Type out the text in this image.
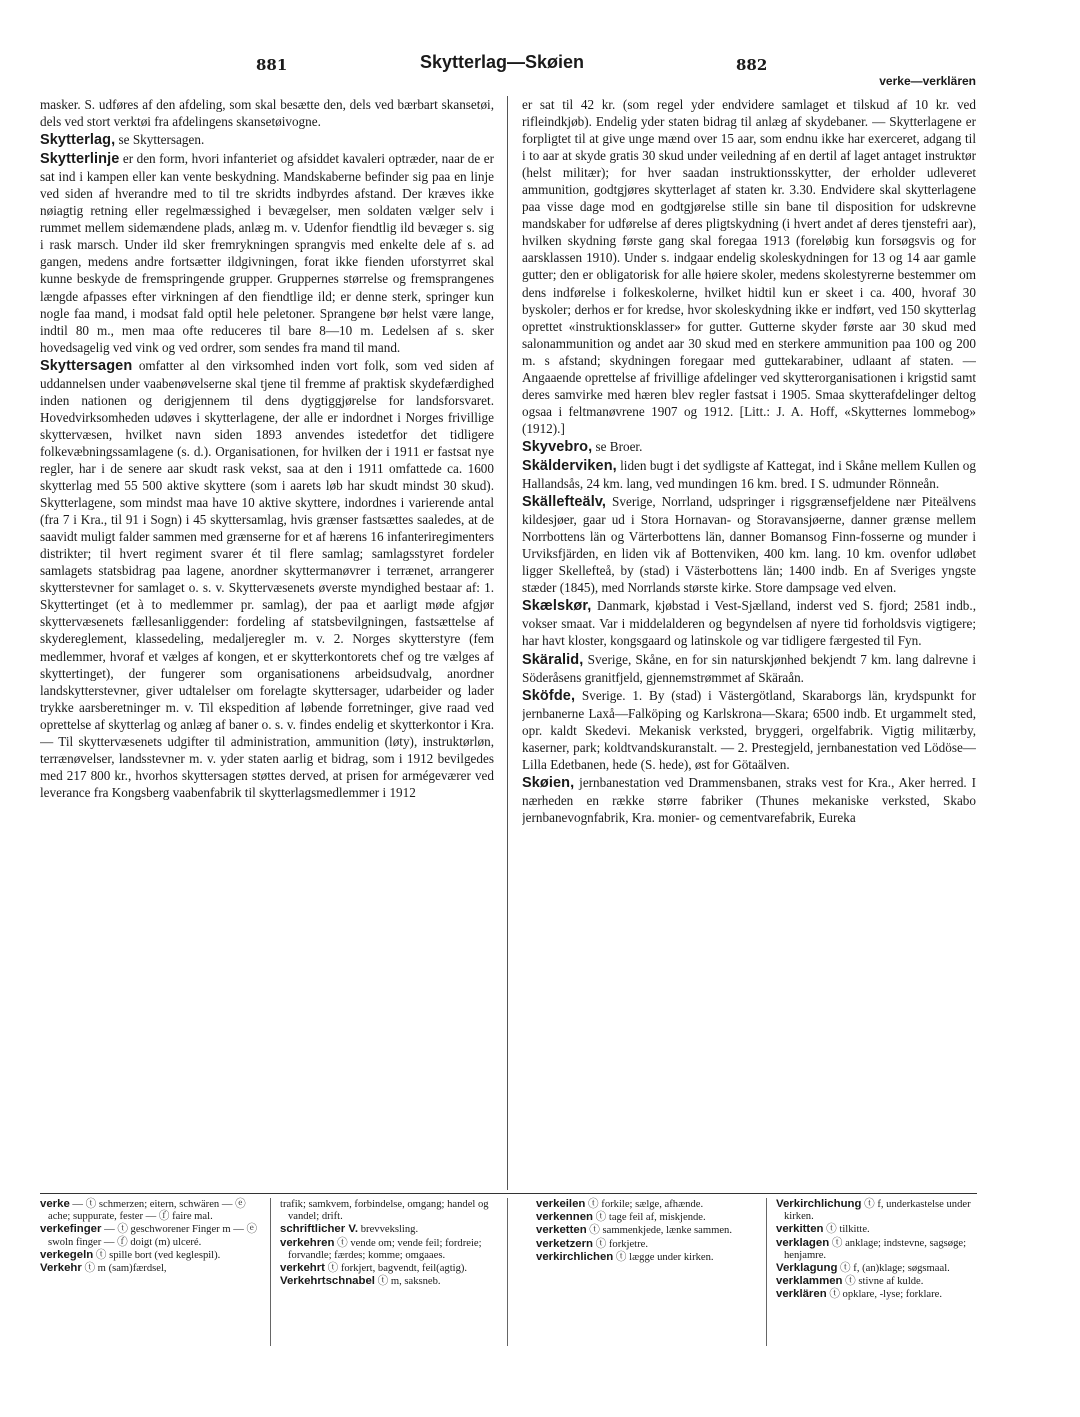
881	Skytterlag—Skøien	882
verke—verklären

masker. S. udføres af den afdeling, som skal besætte den, dels ved bærbart skansetøi, dels ved stort verktøi fra afdelingens skansetøivogne.

Skytterlag, se Skyttersagen.

Skytterlinje er den form, hvori infanteriet og afsiddet kavaleri optræder, naar de er sat ind i kampen eller kan vente beskydning. Mandskaberne befinder sig paa en linje ved siden af hverandre med to til tre skridts indbyrdes afstand. Der kræves ikke nøiagtig retning eller regelmæssighed i bevægelser, men soldaten vælger selv i rummet mellem sidemændene plads, anlæg m. v. Udenfor fiendtlig ild bevæger s. sig i rask marsch. Under ild sker fremrykningen sprangvis med enkelte dele af s. ad gangen, medens andre fortsætter ildgivningen, forat ikke fienden uforstyrret skal kunne beskyde de fremspringende grupper. Gruppernes størrelse og fremsprangenes længde afpasses efter virkningen af den fiendtlige ild; er denne sterk, springer kun nogle faa mand, i modsat fald optil hele peletoner. Sprangene bør helst være lange, indtil 80 m., men maa ofte reduceres til bare 8—10 m. Ledelsen af s. sker hovedsagelig ved vink og ved ordrer, som sendes fra mand til mand.

Skyttersagen omfatter al den virksomhed inden vort folk, som ved siden af uddannelsen under vaabenøvelserne skal tjene til fremme af praktisk skydefærdighed inden nationen og derigjennem til dens dygtiggjørelse for landsforsvaret. Hovedvirksomheden udøves i skytterlagene, der alle er indordnet i Norges frivillige skyttervæsen, hvilket navn siden 1893 anvendes istedetfor det tidligere folkevæbningssamlagene (s. d.). Organisationen, for hvilken der i 1911 er fastsat nye regler, har i de senere aar skudt rask vekst, saa at den i 1911 omfattede ca. 1600 skytterlag med 55 500 aktive skyttere (som i aarets løb har skudt mindst 30 skud). Skytterlagene, som mindst maa have 10 aktive skyttere, indordnes i varierende antal (fra 7 i Kra., til 91 i Sogn) i 45 skyttersamlag, hvis grænser fastsættes saaledes, at de saavidt muligt falder sammen med grænserne for et af hærens 16 infanteriregimenters distrikter; til hvert regiment svarer ét til flere samlag; samlagsstyret fordeler samlagets statsbidrag paa lagene, anordner skyttermanøvrer i terrænet, arrangerer skytterstevner for samlaget o. s. v. Skyttervæsenets øverste myndighed bestaar af: 1. Skyttertinget (et à to medlemmer pr. samlag), der paa et aarligt møde afgjør skyttervæsenets fællesanliggender: fordeling af statsbevilgningen, fastsættelse af skydereglement, klassedeling, medaljeregler m. v. 2. Norges skytterstyre (fem medlemmer, hvoraf et vælges af kongen, et er skytterkontorets chef og tre vælges af skyttertinget), der fungerer som organisationens arbeidsudvalg, anordner landskytterstevner, giver udtalelser om forelagte skyttersager, udarbeider og lader trykke aarsberetninger m. v. Til ekspedition af løbende forretninger, give raad ved oprettelse af skytterlag og anlæg af baner o. s. v. findes endelig et skytterkontor i Kra. — Til skyttervæsenets udgifter til administration, ammunition (løty), instruktørløn, terrænøvelser, landsstevner m. v. yder staten aarlig et bidrag, som i 1912 bevilgedes med 217 800 kr., hvorhos skyttersagen støttes derved, at prisen for armégeværer ved leverance fra Kongsberg vaabenfabrik til skytterlagsmedlemmer i 1912

er sat til 42 kr. (som regel yder endvidere samlaget et tilskud af 10 kr. ved rifleindkjøb). Endelig yder staten bidrag til anlæg af skydebaner. — Skytterlagene er forpligtet til at give unge mænd over 15 aar, som endnu ikke har exerceret, adgang til i to aar at skyde gratis 30 skud under veiledning af en dertil af laget antaget instruktør (helst militær); for hver saadan instruktionsskytter, der erholder udleveret ammunition, godtgjøres skytterlaget af staten kr. 3.30. Endvidere skal skytterlagene paa visse dage mod en godtgjørelse stille sin bane til disposition for udskrevne mandskaber for udførelse af deres pligtskydning (i hvert andet af deres tjenstefri aar), hvilken skydning første gang skal foregaa 1913 (foreløbig kun forsøgsvis og for aarsklassen 1910). Under s. indgaar endelig skoleskydningen for 13 og 14 aar gamle gutter; den er obligatorisk for alle høiere skoler, medens skolestyrerne bestemmer om dens indførelse i folkeskolerne, hvilket hidtil kun er skeet i ca. 400, hvoraf 30 byskoler; derhos er for kredse, hvor skoleskydning ikke er indført, ved 150 skytterlag oprettet «instruktionsklasser» for gutter. Gutterne skyder første aar 30 skud med salonammunition og andet aar 30 skud med en sterkere ammunition paa 100 og 200 m. s afstand; skydningen foregaar med guttekarabiner, udlaant af staten. — Angaaende oprettelse af frivillige afdelinger ved skytterorganisationen i krigstid samt deres samvirke med hæren blev regler fastsat i 1905. Smaa skytterafdelinger deltog ogsaa i feltmanøvrene 1907 og 1912. [Litt.: J. A. Hoff, «Skytternes lommebog» (1912).]

Skyvebro, se Broer.

Skälderviken, liden bugt i det sydligste af Kattegat, ind i Skåne mellem Kullen og Hallandsås, 24 km. lang, ved mundingen 16 km. bred. I S. udmunder Rönneån.

Skällefteälv, Sverige, Norrland, udspringer i rigsgrænsefjeldene nær Piteälvens kildesjøer, gaar ud i Stora Hornavan- og Storavansjøerne, danner grænse mellem Norrbottens län og Värterbottens län, danner Bomansog Finn-fosserne og munder i Urviksfjärden, en liden vik af Bottenviken, 400 km. lang. 10 km. ovenfor udløbet ligger Skellefteå, by (stad) i Västerbottens län; 1400 indb. En af Sveriges yngste stæder (1845), med Norrlands største kirke. Store dampsage ved elven.

Skælskør, Danmark, kjøbstad i Vest-Sjælland, inderst ved S. fjord; 2581 indb., vokser smaat. Var i middelalderen og begyndelsen af nyere tid forholdsvis vigtigere; har havt kloster, kongsgaard og latinskole og var tidligere færgested til Fyn.

Skäralid, Sverige, Skåne, en for sin naturskjønhed bekjendt 7 km. lang dalrevne i Söderåsens granitfjeld, gjennemstrømmet af Skäraån.

Sköfde, Sverige. 1. By (stad) i Västergötland, Skaraborgs län, krydspunkt for jernbanerne Laxå—Falköping og Karlskrona—Skara; 6500 indb. Et urgammelt sted, opr. kaldt Skedevi. Mekanisk verksted, bryggeri, orgelfabrik. Vigtig militærby, kaserner, park; koldtvandskuranstalt. — 2. Prestegjeld, jernbanestation ved Lödöse—Lilla Edetbanen, hede (S. hede), øst for Götaälven.

Skøien, jernbanestation ved Drammensbanen, straks vest for Kra., Aker herred. I nærheden en række større fabriker (Thunes mekaniske verksted, Skabo jernbanevognfabrik, Kra. monier- og cementvarefabrik, Eureka

verke — ⓣ schmerzen; eitern, schwären — ⓔ ache; suppurate, fester — ⓕ faire mal.

verkefinger — ⓣ geschworener Finger m — ⓔ swoln finger — ⓕ doigt (m) ulceré.

verkegeln ⓣ spille bort (ved keglespil).

Verkehr ⓣ m (sam)færdsel,

trafik; samkvem, forbindelse, omgang; handel og vandel; drift.

schriftlicher V. brevveksling.

verkehren ⓣ vende om; vende feil; fordreie; forvandle; færdes; komme; omgaaes.

verkehrt ⓣ forkjert, bagvendt, feil(agtig).

Verkehrtschnabel ⓣ m, saksneb.

verkeilen ⓣ forkile; sælge, afhænde.

verkennen ⓣ tage feil af, miskjende.

verketten ⓣ sammenkjede, lænke sammen.

verketzern ⓣ forkjetre.

verkirchlichen ⓣ lægge under kirken.

Verkirchlichung ⓣ f, underkastelse under kirken.

verkitten ⓣ tilkitte.

verklagen ⓣ anklage; indstevne, sagsøge; henjamre.

Verklagung ⓣ f, (an)klage; søgsmaal.

verklammen ⓣ stivne af kulde.

verklären ⓣ opklare, -lyse; forklare.
